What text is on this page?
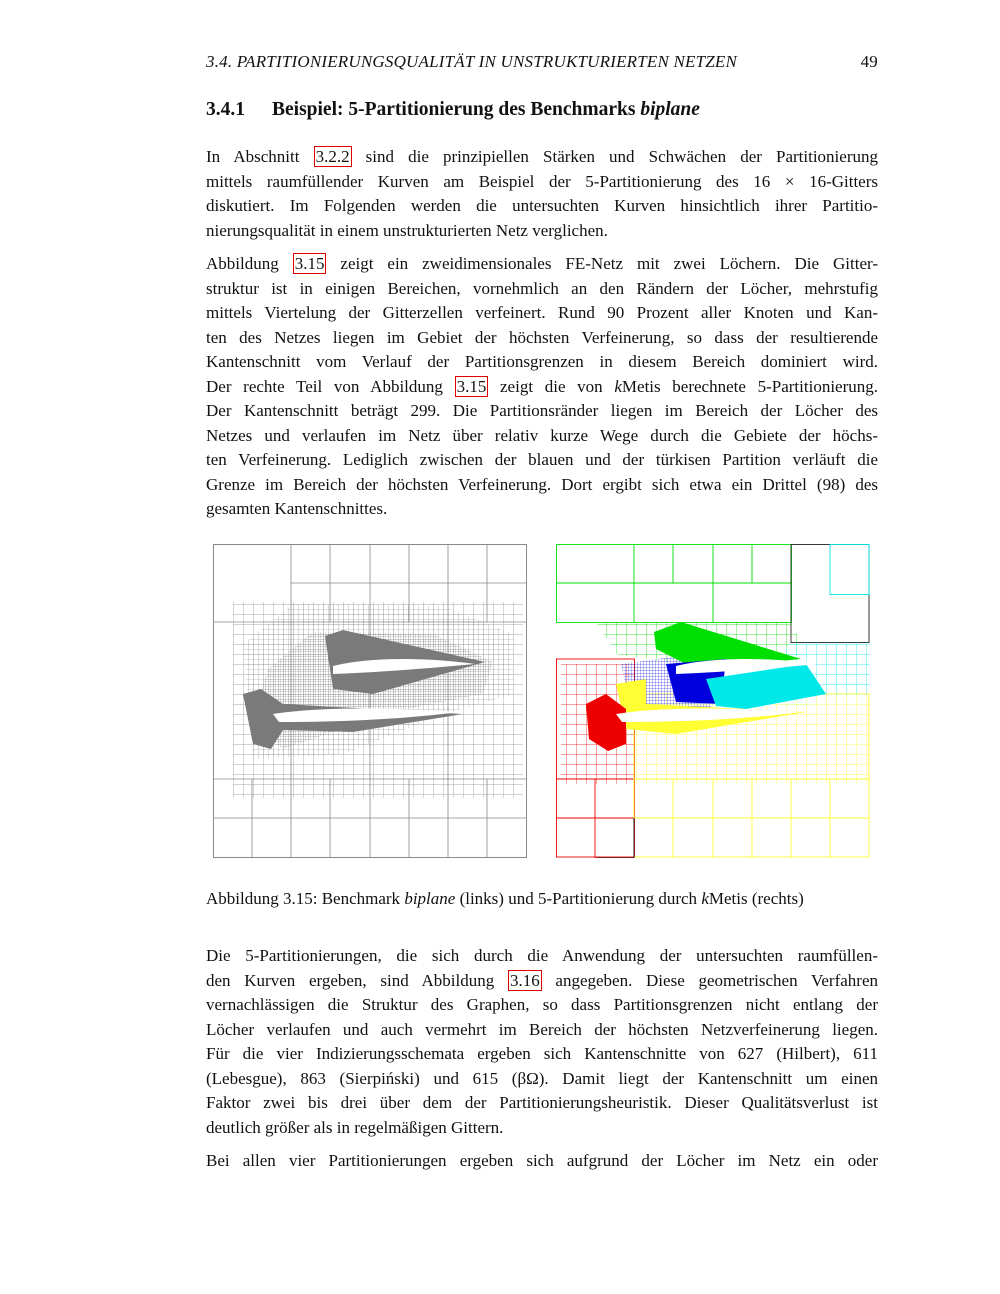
3.4. PARTITIONIERUNGSQUALITÄT IN UNSTRUKTURIERTEN NETZEN	49
3.4.1 Beispiel: 5-Partitionierung des Benchmarks biplane
In Abschnitt 3.2.2 sind die prinzipiellen Stärken und Schwächen der Partitionierung
mittels raumfüllender Kurven am Beispiel der 5-Partitionierung des 16 × 16-Gitters
diskutiert. Im Folgenden werden die untersuchten Kurven hinsichtlich ihrer Partitio-
nierungsqualität in einem unstrukturierten Netz verglichen.
Abbildung 3.15 zeigt ein zweidimensionales FE-Netz mit zwei Löchern. Die Gitter-
struktur ist in einigen Bereichen, vornehmlich an den Rändern der Löcher, mehrstufig
mittels Viertelung der Gitterzellen verfeinert. Rund 90 Prozent aller Knoten und Kan-
ten des Netzes liegen im Gebiet der höchsten Verfeinerung, so dass der resultierende
Kantenschnitt vom Verlauf der Partitionsgrenzen in diesem Bereich dominiert wird.
Der rechte Teil von Abbildung 3.15 zeigt die von kMetis berechnete 5-Partitionierung.
Der Kantenschnitt beträgt 299. Die Partitionsränder liegen im Bereich der Löcher des
Netzes und verlaufen im Netz über relativ kurze Wege durch die Gebiete der höchs-
ten Verfeinerung. Lediglich zwischen der blauen und der türkisen Partition verläuft die
Grenze im Bereich der höchsten Verfeinerung. Dort ergibt sich etwa ein Drittel (98) des
gesamten Kantenschnittes.
Abbildung 3.15: Benchmark biplane (links) und 5-Partitionierung durch kMetis (rechts)
Die 5-Partitionierungen, die sich durch die Anwendung der untersuchten raumfüllen-
den Kurven ergeben, sind Abbildung 3.16 angegeben. Diese geometrischen Verfahren
vernachlässigen die Struktur des Graphen, so dass Partitionsgrenzen nicht entlang der
Löcher verlaufen und auch vermehrt im Bereich der höchsten Netzverfeinerung liegen.
Für die vier Indizierungsschemata ergeben sich Kantenschnitte von 627 (Hilbert), 611
(Lebesgue), 863 (Sierpiński) und 615 (βΩ). Damit liegt der Kantenschnitt um einen
Faktor zwei bis drei über dem der Partitionierungsheuristik. Dieser Qualitätsverlust ist
deutlich größer als in regelmäßigen Gittern.
Bei allen vier Partitionierungen ergeben sich aufgrund der Löcher im Netz ein oder
